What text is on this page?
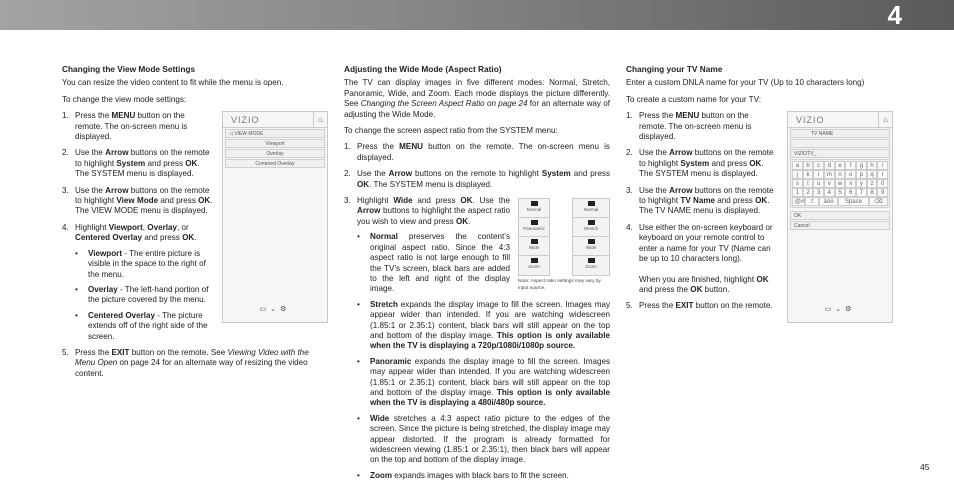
4
Changing the View Mode Settings

You can resize the video content to fit while the menu is open.

To change the view mode settings:

VIZIO	⌂
◁ VIEW MODE
Viewport
Overlay
Centered Overlay
▭⌄⚙
1. Press the MENU button on the remote. The on-screen menu is displayed.
2. Use the Arrow buttons on the remote to highlight System and press OK. The SYSTEM menu is displayed.
3. Use the Arrow buttons on the remote to highlight View Mode and press OK. The VIEW MODE menu is displayed.
4. Highlight Viewport, Overlay, or Centered Overlay and press OK.
• Viewport - The entire picture is visible in the space to the right of the menu.
• Overlay - The left-hand portion of the picture covered by the menu.
• Centered Overlay - The picture extends off of the right side of the screen.
5. Press the EXIT button on the remote. See Viewing Video with the Menu Open on page 24 for an alternate way of resizing the video content.
Adjusting the Wide Mode (Aspect Ratio)

The TV can display images in five different modes: Normal, Stretch, Panoramic, Wide, and Zoom. Each mode displays the picture differently. See Changing the Screen Aspect Ratio on page 24 for an alternate way of adjusting the Wide Mode.

To change the screen aspect ratio from the SYSTEM menu:

1. Press the MENU button on the remote. The on-screen menu is displayed.
2. Use the Arrow buttons on the remote to highlight System and press OK. The SYSTEM menu is displayed.
Normal
Panoramic
Wide
Zoom
Normal
Stretch
Wide
Zoom
Note: Aspect ratio settings may vary by input source.
3. Highlight Wide and press OK. Use the Arrow buttons to highlight the aspect ratio you wish to view and press OK.
• Normal preserves the content’s original aspect ratio. Since the 4:3 aspect ratio is not large enough to fill the TV’s screen, black bars are added to the left and right of the display image.
• Stretch expands the display image to fill the screen. Images may appear wider than intended. If you are watching widescreen (1.85:1 or 2.35:1) content, black bars will still appear on the top and bottom of the display image. This option is only available when the TV is displaying a 720p/1080i/1080p source.
• Panoramic expands the display image to fill the screen. Images may appear wider than intended. If you are watching widescreen (1.85:1 or 2.35:1) content, black bars will still appear on the top and bottom of the display image. This option is only available when the TV is displaying a 480i/480p source.
• Wide stretches a 4:3 aspect ratio picture to the edges of the screen. Since the picture is being stretched, the display image may appear distorted. If the program is already formatted for widescreen viewing (1.85:1 or 2.35:1), then black bars will appear on the top and bottom of the display image.
• Zoom expands images with black bars to fit the screen.
Changing your TV Name

Enter a custom DNLA name for your TV (Up to 10 characters long)

To create a custom name for your TV:

VIZIO	⌂
TV NAME
VIZIOTV_
a	b	c	d	e	f	g	h	i
j	k	l	m	n	o	p	q	r
s	t	u	v	w	x	y	z	0
1	2	3	4	5	6	7	8	9
.@# ⇧	äöü	Space	⌫
OK
Cancel
▭⌄⚙
1. Press the MENU button on the remote. The on-screen menu is displayed.
2. Use the Arrow buttons on the remote to highlight System and press OK. The SYSTEM menu is displayed.
3. Use the Arrow buttons on the remote to highlight TV Name and press OK. The TV NAME menu is displayed.
4. Use either the on-screen keyboard or keyboard on your remote control to enter a name for your TV (Name can be up to 10 characters long).

When you are finished, highlight OK and press the OK button.

5. Press the EXIT button on the remote.
45
